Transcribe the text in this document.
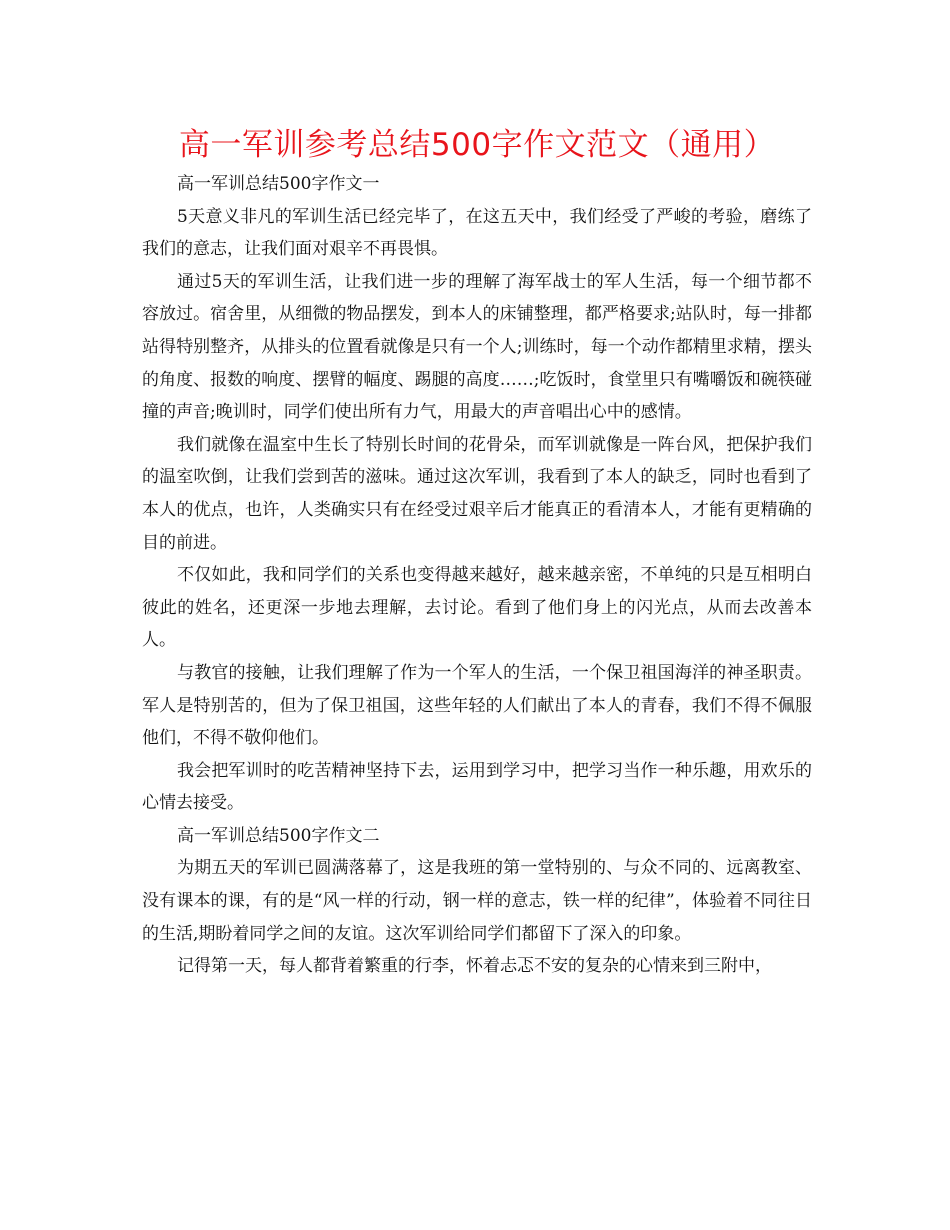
高一军训参考总结500字作文范文（通用）

高一军训总结500字作文一

5天意义非凡的军训生活已经完毕了，在这五天中，我们经受了严峻的考验，磨练了我们的意志，让我们面对艰辛不再畏惧。

通过5天的军训生活，让我们进一步的理解了海军战士的军人生活，每一个细节都不容放过。宿舍里，从细微的物品摆发，到本人的床铺整理，都严格要求;站队时，每一排都站得特别整齐，从排头的位置看就像是只有一个人;训练时，每一个动作都精里求精，摆头的角度、报数的响度、摆臂的幅度、踢腿的高度……;吃饭时，食堂里只有嘴嚼饭和碗筷碰撞的声音;晚训时，同学们使出所有力气，用最大的声音唱出心中的感情。

我们就像在温室中生长了特别长时间的花骨朵，而军训就像是一阵台风，把保护我们的温室吹倒，让我们尝到苦的滋味。通过这次军训，我看到了本人的缺乏，同时也看到了本人的优点，也许，人类确实只有在经受过艰辛后才能真正的看清本人，才能有更精确的目的前进。

不仅如此，我和同学们的关系也变得越来越好，越来越亲密，不单纯的只是互相明白彼此的姓名，还更深一步地去理解，去讨论。看到了他们身上的闪光点，从而去改善本人。

与教官的接触，让我们理解了作为一个军人的生活，一个保卫祖国海洋的神圣职责。军人是特别苦的，但为了保卫祖国，这些年轻的人们献出了本人的青春，我们不得不佩服他们，不得不敬仰他们。

我会把军训时的吃苦精神坚持下去，运用到学习中，把学习当作一种乐趣，用欢乐的心情去接受。

高一军训总结500字作文二

为期五天的军训已圆满落幕了，这是我班的第一堂特别的、与众不同的、远离教室、没有课本的课，有的是“风一样的行动，钢一样的意志，铁一样的纪律”，体验着不同往日的生活,期盼着同学之间的友谊。这次军训给同学们都留下了深入的印象。

记得第一天，每人都背着繁重的行李，怀着忐忑不安的复杂的心情来到三附中，
